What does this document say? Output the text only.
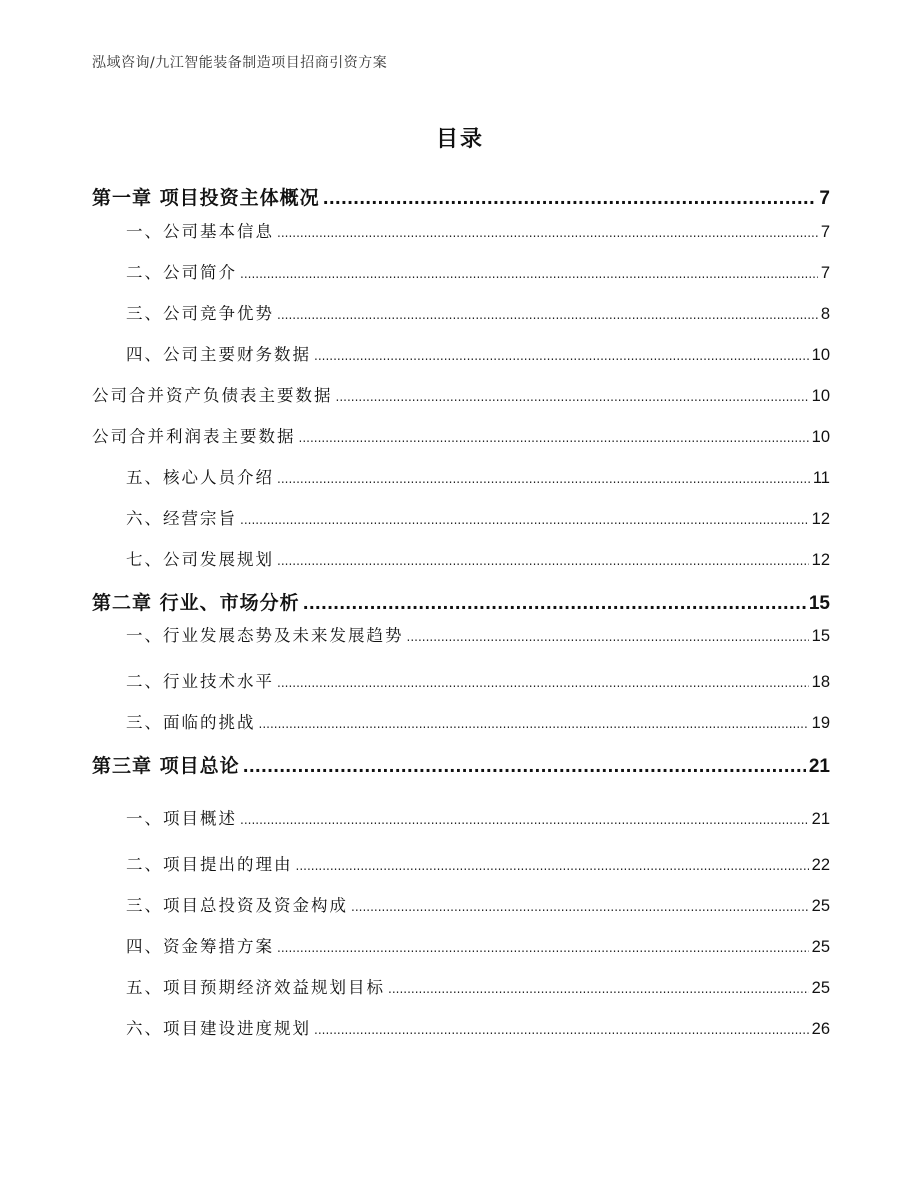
泓域咨询/九江智能装备制造项目招商引资方案
目录
第一章 项目投资主体概况 .....	7
一、 公司基本信息 .....	7
二、 公司简介 .....	7
三、 公司竞争优势 .....	8
四、 公司主要财务数据 .....	10
公司合并资产负债表主要数据 .....	10
公司合并利润表主要数据 .....	10
五、 核心人员介绍 .....	11
六、 经营宗旨 .....	12
七、 公司发展规划 .....	12
第二章 行业、市场分析 .....	15
一、 行业发展态势及未来发展趋势 .....	15
二、 行业技术水平 .....	18
三、 面临的挑战 .....	19
第三章 项目总论 .....	21
一、 项目概述 .....	21
二、 项目提出的理由 .....	22
三、 项目总投资及资金构成 .....	25
四、 资金筹措方案 .....	25
五、 项目预期经济效益规划目标 .....	25
六、 项目建设进度规划 .....	26
